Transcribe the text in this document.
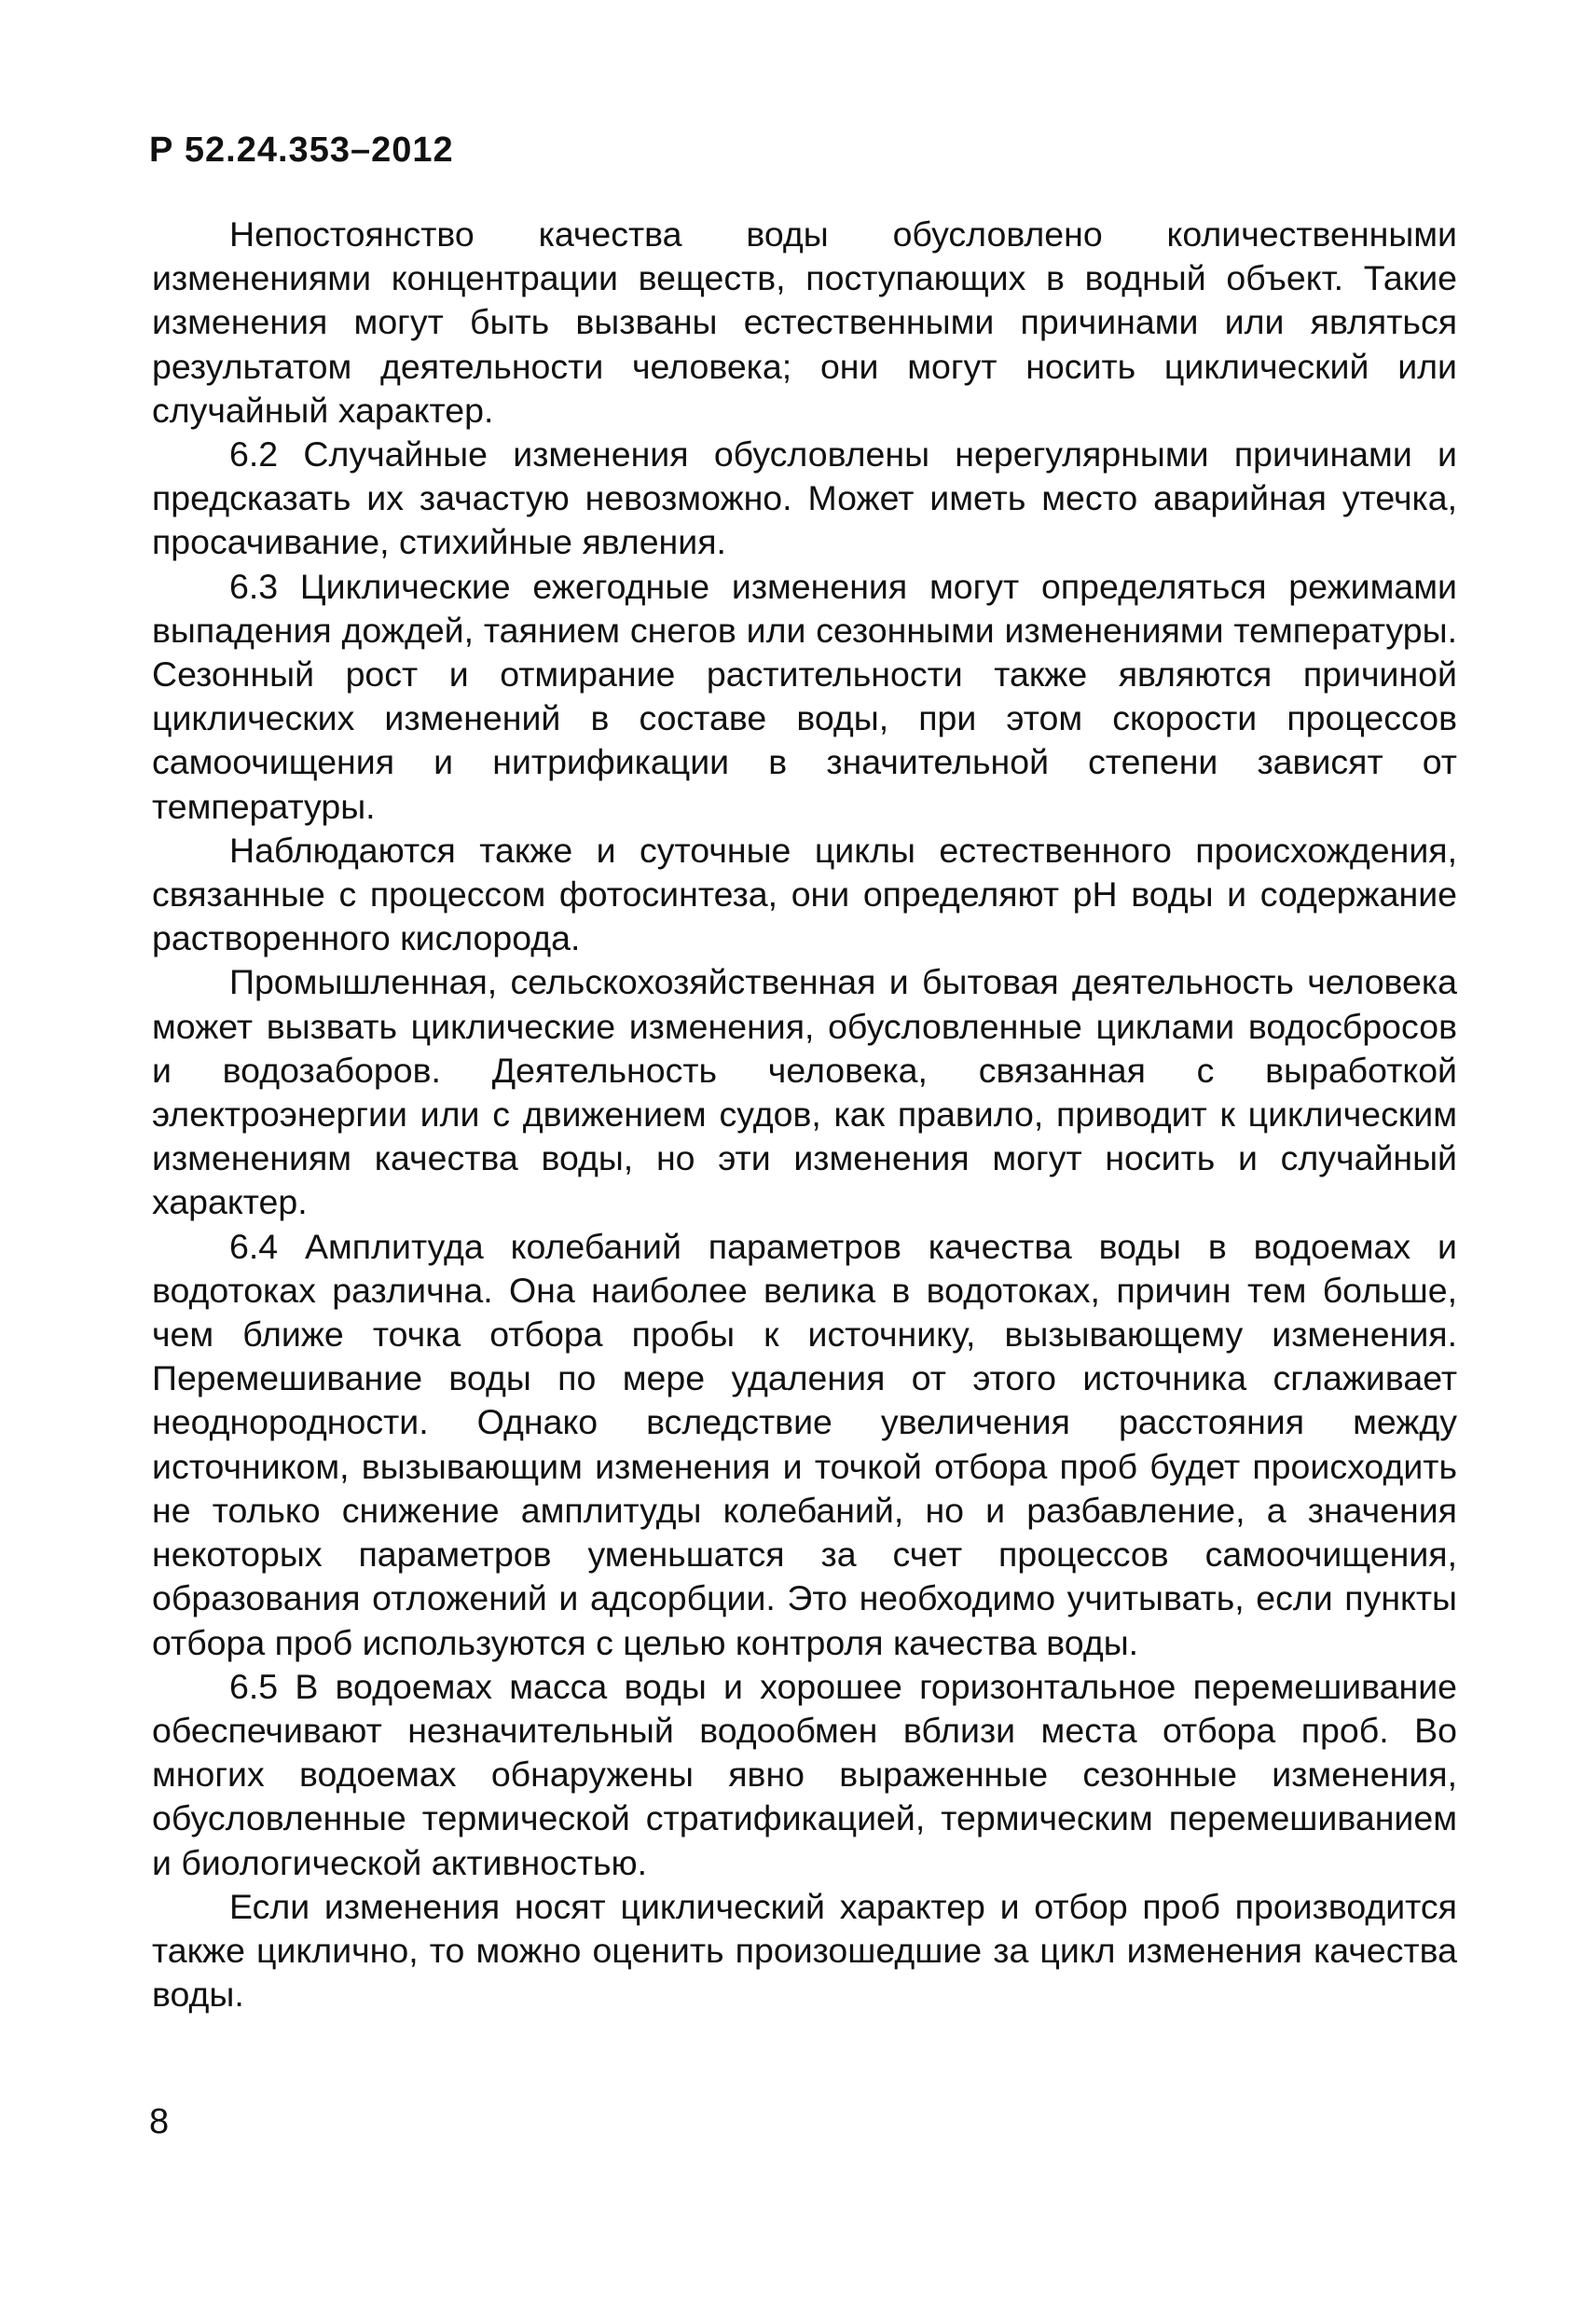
Р 52.24.353–2012

Непостоянство качества воды обусловлено количественными изменениями концентрации веществ, поступающих в водный объект. Такие изменения могут быть вызваны естественными причинами или являться результатом деятельности человека; они могут носить циклический или случайный характер.

6.2 Случайные изменения обусловлены нерегулярными причинами и предсказать их зачастую невозможно. Может иметь место аварийная утечка, просачивание, стихийные явления.

6.3 Циклические ежегодные изменения могут определяться режимами выпадения дождей, таянием снегов или сезонными изменениями температуры. Сезонный рост и отмирание растительности также являются причиной циклических изменений в составе воды, при этом скорости процессов самоочищения и нитрификации в значительной степени зависят от температуры.

Наблюдаются также и суточные циклы естественного происхождения, связанные с процессом фотосинтеза, они определяют pH воды и содержание растворенного кислорода.

Промышленная, сельскохозяйственная и бытовая деятельность человека может вызвать циклические изменения, обусловленные циклами водосбросов и водозаборов. Деятельность человека, связанная с выработкой электроэнергии или с движением судов, как правило, приводит к циклическим изменениям качества воды, но эти изменения могут носить и случайный характер.

6.4 Амплитуда колебаний параметров качества воды в водоемах и водотоках различна. Она наиболее велика в водотоках, причин тем больше, чем ближе точка отбора пробы к источнику, вызывающему изменения. Перемешивание воды по мере удаления от этого источника сглаживает неоднородности. Однако вследствие увеличения расстояния между источником, вызывающим изменения и точкой отбора проб будет происходить не только снижение амплитуды колебаний, но и разбавление, а значения некоторых параметров уменьшатся за счет процессов самоочищения, образования отложений и адсорбции. Это необходимо учитывать, если пункты отбора проб используются с целью контроля качества воды.

6.5 В водоемах масса воды и хорошее горизонтальное перемешивание обеспечивают незначительный водообмен вблизи места отбора проб. Во многих водоемах обнаружены явно выраженные сезонные изменения, обусловленные термической стратификацией, термическим перемешиванием и биологической активностью.

Если изменения носят циклический характер и отбор проб производится также циклично, то можно оценить произошедшие за цикл изменения качества воды.

8
